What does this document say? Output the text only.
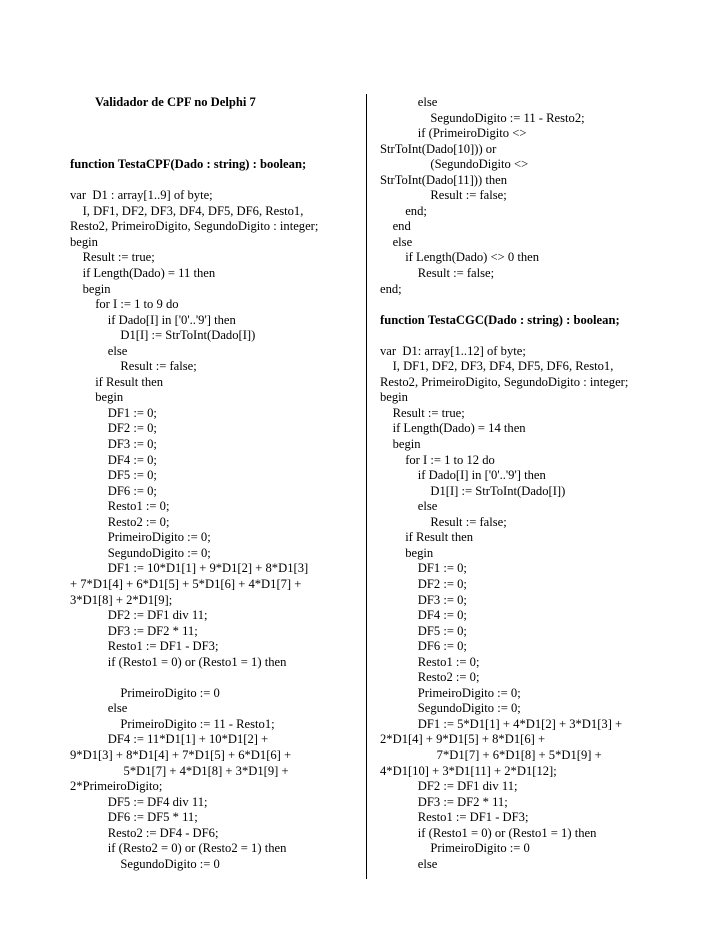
Validador de CPF no Delphi 7

function TestaCPF(Dado : string) : boolean;

var  D1 : array[1..9] of byte;
I, DF1, DF2, DF3, DF4, DF5, DF6, Resto1,
Resto2, PrimeiroDigito, SegundoDigito : integer;
begin
Result := true;
if Length(Dado) = 11 then
begin
for I := 1 to 9 do
if Dado[I] in ['0'..'9'] then
D1[I] := StrToInt(Dado[I])
else
Result := false;
if Result then
begin
DF1 := 0;
DF2 := 0;
DF3 := 0;
DF4 := 0;
DF5 := 0;
DF6 := 0;
Resto1 := 0;
Resto2 := 0;
PrimeiroDigito := 0;
SegundoDigito := 0;
DF1 := 10*D1[1] + 9*D1[2] + 8*D1[3]
+ 7*D1[4] + 6*D1[5] + 5*D1[6] + 4*D1[7] +
3*D1[8] + 2*D1[9];
DF2 := DF1 div 11;
DF3 := DF2 * 11;
Resto1 := DF1 - DF3;
if (Resto1 = 0) or (Resto1 = 1) then

PrimeiroDigito := 0
else
PrimeiroDigito := 11 - Resto1;
DF4 := 11*D1[1] + 10*D1[2] +
9*D1[3] + 8*D1[4] + 7*D1[5] + 6*D1[6] +
5*D1[7] + 4*D1[8] + 3*D1[9] +
2*PrimeiroDigito;
DF5 := DF4 div 11;
DF6 := DF5 * 11;
Resto2 := DF4 - DF6;
if (Resto2 = 0) or (Resto2 = 1) then
SegundoDigito := 0
else
SegundoDigito := 11 - Resto2;
if (PrimeiroDigito <>
StrToInt(Dado[10])) or
(SegundoDigito <>
StrToInt(Dado[11])) then
Result := false;
end;
end
else
if Length(Dado) <> 0 then
Result := false;
end;

function TestaCGC(Dado : string) : boolean;

var  D1: array[1..12] of byte;
I, DF1, DF2, DF3, DF4, DF5, DF6, Resto1,
Resto2, PrimeiroDigito, SegundoDigito : integer;
begin
Result := true;
if Length(Dado) = 14 then
begin
for I := 1 to 12 do
if Dado[I] in ['0'..'9'] then
D1[I] := StrToInt(Dado[I])
else
Result := false;
if Result then
begin
DF1 := 0;
DF2 := 0;
DF3 := 0;
DF4 := 0;
DF5 := 0;
DF6 := 0;
Resto1 := 0;
Resto2 := 0;
PrimeiroDigito := 0;
SegundoDigito := 0;
DF1 := 5*D1[1] + 4*D1[2] + 3*D1[3] +
2*D1[4] + 9*D1[5] + 8*D1[6] +
7*D1[7] + 6*D1[8] + 5*D1[9] +
4*D1[10] + 3*D1[11] + 2*D1[12];
DF2 := DF1 div 11;
DF3 := DF2 * 11;
Resto1 := DF1 - DF3;
if (Resto1 = 0) or (Resto1 = 1) then
PrimeiroDigito := 0
else
